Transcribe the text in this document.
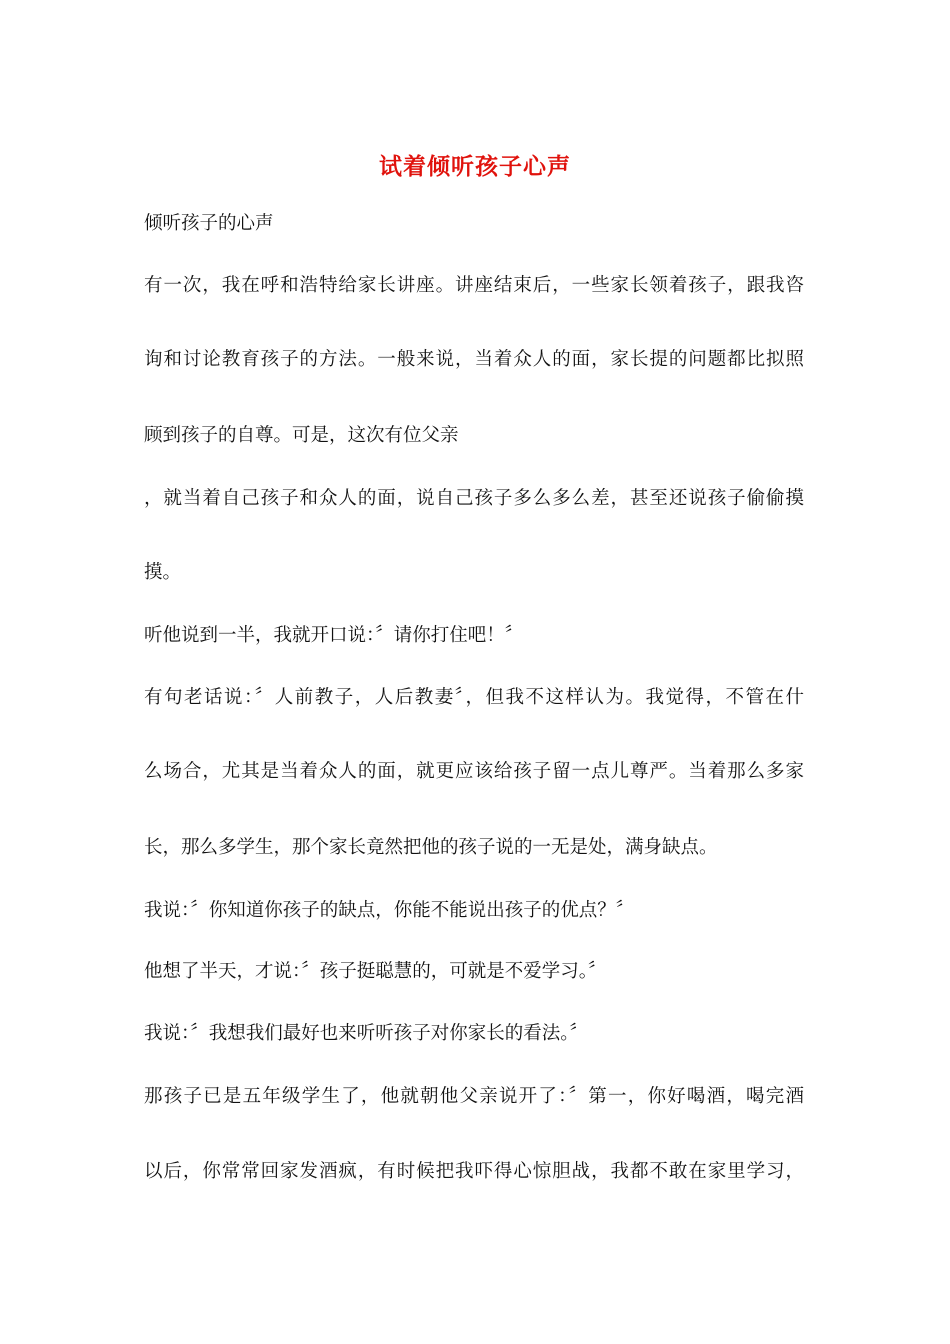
试着倾听孩子心声
倾听孩子的心声
有一次，我在呼和浩特给家长讲座。讲座结束后，一些家长领着孩子，跟我咨
询和讨论教育孩子的方法。一般来说，当着众人的面，家长提的问题都比拟照
顾到孩子的自尊。可是，这次有位父亲
，就当着自己孩子和众人的面，说自己孩子多么多么差，甚至还说孩子偷偷摸
摸。
听他说到一半，我就开口说：〞请你打住吧！〞
有句老话说：〞人前教子，人后教妻〞，但我不这样认为。我觉得，不管在什
么场合，尤其是当着众人的面，就更应该给孩子留一点儿尊严。当着那么多家
长，那么多学生，那个家长竟然把他的孩子说的一无是处，满身缺点。
我说：〞你知道你孩子的缺点，你能不能说出孩子的优点？〞
他想了半天，才说：〞孩子挺聪慧的，可就是不爱学习。〞
我说：〞我想我们最好也来听听孩子对你家长的看法。〞
那孩子已是五年级学生了，他就朝他父亲说开了：〞第一，你好喝酒，喝完酒
以后，你常常回家发酒疯，有时候把我吓得心惊胆战，我都不敢在家里学习，
